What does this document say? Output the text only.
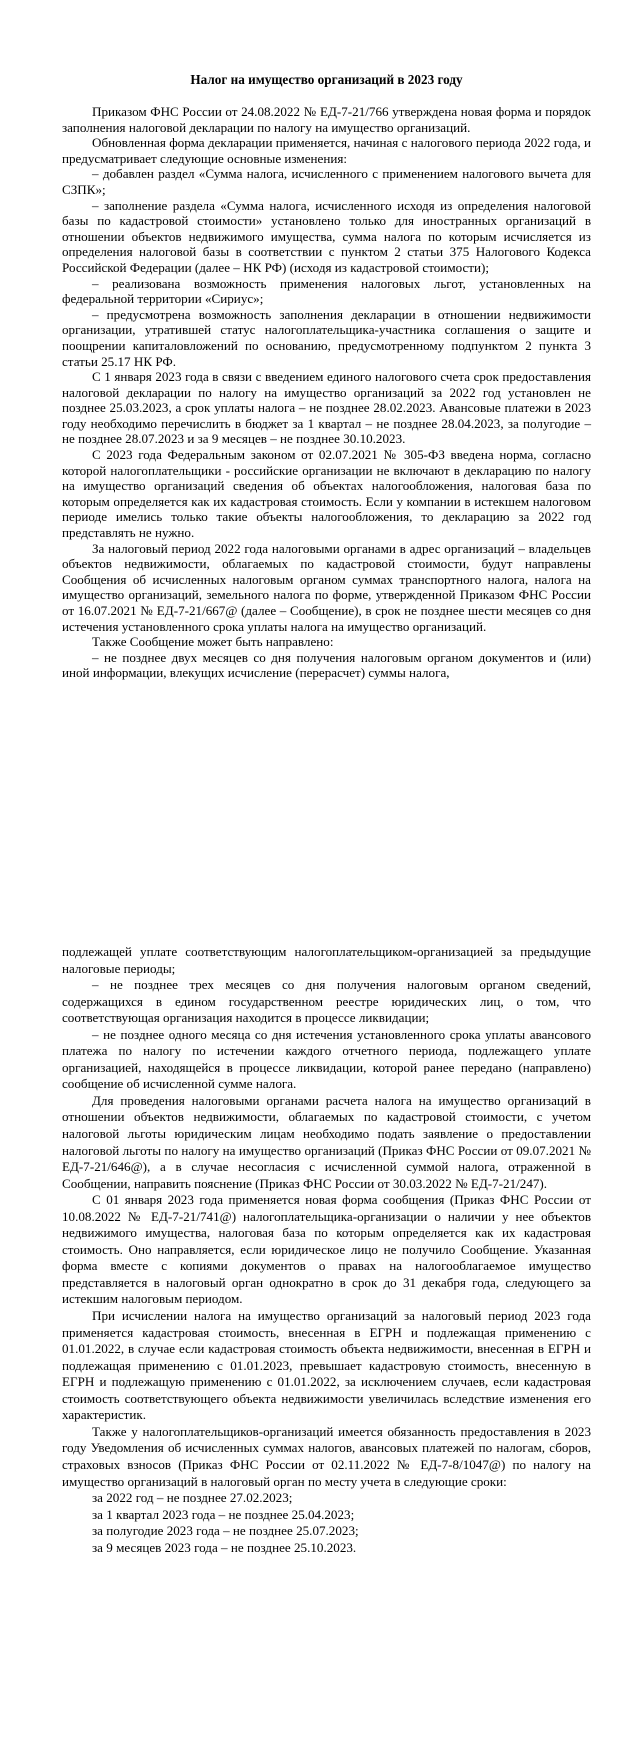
Налог на имущество организаций в 2023 году

Приказом ФНС России от 24.08.2022 № ЕД-7-21/766 утверждена новая форма и порядок заполнения налоговой декларации по налогу на имущество организаций.

Обновленная форма декларации применяется, начиная с налогового периода 2022 года, и предусматривает следующие основные изменения:

– добавлен раздел «Сумма налога, исчисленного с применением налогового вычета для СЗПК»;

– заполнение раздела «Сумма налога, исчисленного исходя из определения налоговой базы по кадастровой стоимости» установлено только для иностранных организаций в отношении объектов недвижимого имущества, сумма налога по которым исчисляется из определения налоговой базы в соответствии с пунктом 2 статьи 375 Налогового Кодекса Российской Федерации (далее – НК РФ) (исходя из кадастровой стоимости);

– реализована возможность применения налоговых льгот, установленных на федеральной территории «Сириус»;

– предусмотрена возможность заполнения декларации в отношении недвижимости организации, утратившей статус налогоплательщика-участника соглашения о защите и поощрении капиталовложений по основанию, предусмотренному подпунктом 2 пункта 3 статьи 25.17 НК РФ.

С 1 января 2023 года в связи с введением единого налогового счета срок предоставления налоговой декларации по налогу на имущество организаций за 2022 год установлен не позднее 25.03.2023, а срок уплаты налога – не позднее 28.02.2023. Авансовые платежи в 2023 году необходимо перечислить в бюджет за 1 квартал – не позднее 28.04.2023, за полугодие – не позднее 28.07.2023 и за 9 месяцев – не позднее 30.10.2023.

С 2023 года Федеральным законом от 02.07.2021 № 305-ФЗ введена норма, согласно которой налогоплательщики - российские организации не включают в декларацию по налогу на имущество организаций сведения об объектах налогообложения, налоговая база по которым определяется как их кадастровая стоимость. Если у компании в истекшем налоговом периоде имелись только такие объекты налогообложения, то декларацию за 2022 год представлять не нужно.

За налоговый период 2022 года налоговыми органами в адрес организаций – владельцев объектов недвижимости, облагаемых по кадастровой стоимости, будут направлены Сообщения об исчисленных налоговым органом суммах транспортного налога, налога на имущество организаций, земельного налога по форме, утвержденной Приказом ФНС России от 16.07.2021 № ЕД-7-21/667@ (далее – Сообщение), в срок не позднее шести месяцев со дня истечения установленного срока уплаты налога на имущество организаций.

Также Сообщение может быть направлено:

– не позднее двух месяцев со дня получения налоговым органом документов и (или) иной информации, влекущих исчисление (перерасчет) суммы налога,

подлежащей уплате соответствующим налогоплательщиком-организацией за предыдущие налоговые периоды;

– не позднее трех месяцев со дня получения налоговым органом сведений, содержащихся в едином государственном реестре юридических лиц, о том, что соответствующая организация находится в процессе ликвидации;

– не позднее одного месяца со дня истечения установленного срока уплаты авансового платежа по налогу по истечении каждого отчетного периода, подлежащего уплате организацией, находящейся в процессе ликвидации, которой ранее передано (направлено) сообщение об исчисленной сумме налога.

Для проведения налоговыми органами расчета налога на имущество организаций в отношении объектов недвижимости, облагаемых по кадастровой стоимости, с учетом налоговой льготы юридическим лицам необходимо подать заявление о предоставлении налоговой льготы по налогу на имущество организаций (Приказ ФНС России от 09.07.2021 № ЕД-7-21/646@), а в случае несогласия с исчисленной суммой налога, отраженной в Сообщении, направить пояснение (Приказ ФНС России от 30.03.2022 № ЕД-7-21/247).

С 01 января 2023 года применяется новая форма сообщения (Приказ ФНС России от 10.08.2022 № ЕД-7-21/741@) налогоплательщика-организации о наличии у нее объектов недвижимого имущества, налоговая база по которым определяется как их кадастровая стоимость. Оно направляется, если юридическое лицо не получило Сообщение. Указанная форма вместе с копиями документов о правах на налогооблагаемое имущество представляется в налоговый орган однократно в срок до 31 декабря года, следующего за истекшим налоговым периодом.

При исчислении налога на имущество организаций за налоговый период 2023 года применяется кадастровая стоимость, внесенная в ЕГРН и подлежащая применению с 01.01.2022, в случае если кадастровая стоимость объекта недвижимости, внесенная в ЕГРН и подлежащая применению с 01.01.2023, превышает кадастровую стоимость, внесенную в ЕГРН и подлежащую применению с 01.01.2022, за исключением случаев, если кадастровая стоимость соответствующего объекта недвижимости увеличилась вследствие изменения его характеристик.

Также у налогоплательщиков-организаций имеется обязанность предоставления в 2023 году Уведомления об исчисленных суммах налогов, авансовых платежей по налогам, сборов, страховых взносов (Приказ ФНС России от 02.11.2022 № ЕД-7-8/1047@) по налогу на имущество организаций в налоговый орган по месту учета в следующие сроки:

за 2022 год – не позднее 27.02.2023;
за 1 квартал 2023 года – не позднее 25.04.2023;
за полугодие 2023 года – не позднее 25.07.2023;
за 9 месяцев 2023 года – не позднее 25.10.2023.
